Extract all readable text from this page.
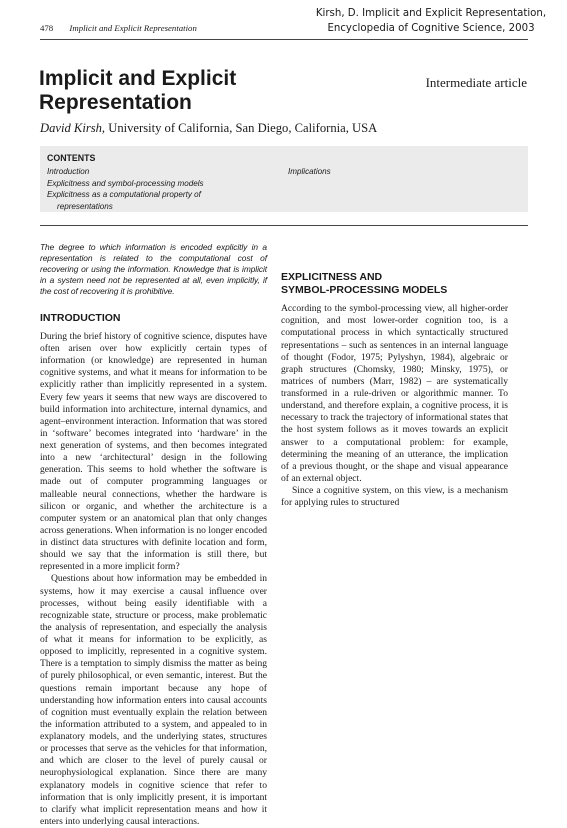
Kirsh, D. Implicit and Explicit Representation,
Encyclopedia of Cognitive Science, 2003
478 Implicit and Explicit Representation
Implicit and Explicit
Representation
Intermediate article
David Kirsh, University of California, San Diego, California, USA
CONTENTS
Introduction
Explicitness and symbol-processing models
Explicitness as a computational property of
representations
Implications

The degree to which information is encoded explicitly in a representation is related to the computational cost of recovering or using the information. Knowledge that is implicit in a system need not be represented at all, even implicitly, if the cost of recovering it is prohibitive.

INTRODUCTION

During the brief history of cognitive science, disputes have often arisen over how explicitly certain types of information (or knowledge) are represented in human cognitive systems, and what it means for information to be explicitly rather than implicitly represented in a system. Every few years it seems that new ways are discovered to build information into architecture, internal dynamics, and agent–environment interaction. Information that was stored in ‘software’ becomes integrated into ‘hardware’ in the next generation of systems, and then becomes integrated into a new ‘architectural’ design in the following generation. This seems to hold whether the software is made out of computer programming languages or malleable neural connections, whether the hardware is silicon or organic, and whether the architecture is a computer system or an anatomical plan that only changes across generations. When information is no longer encoded in distinct data structures with definite location and form, should we say that the information is still there, but represented in a more implicit form?

Questions about how information may be embedded in systems, how it may exercise a causal influence over processes, without being easily identifiable with a recognizable state, structure or process, make problematic the analysis of representation, and especially the analysis of what it means for information to be explicitly, as opposed to implicitly, represented in a cognitive system. There is a temptation to simply dismiss the matter as being of purely philosophical, or even semantic, interest. But the questions remain important because any hope of understanding how information enters into causal accounts of cognition must eventually explain the relation between the information attributed to a system, and appealed to in explanatory models, and the underlying states, structures or processes that serve as the vehicles for that information, and which are closer to the level of purely causal or neurophysiological explanation. Since there are many explanatory models in cognitive science that refer to information that is only implicitly present, it is important to clarify what implicit representation means and how it enters into underlying causal interactions.

EXPLICITNESS AND
SYMBOL-PROCESSING MODELS

According to the symbol-processing view, all higher-order cognition, and most lower-order cognition too, is a computational process in which syntactically structured representations – such as sentences in an internal language of thought (Fodor, 1975; Pylyshyn, 1984), algebraic or graph structures (Chomsky, 1980; Minsky, 1975), or matrices of numbers (Marr, 1982) – are systematically transformed in a rule-driven or algorithmic manner. To understand, and therefore explain, a cognitive process, it is necessary to track the trajectory of informational states that the host system follows as it moves towards an explicit answer to a computational problem: for example, determining the meaning of an utterance, the implication of a previous thought, or the shape and visual appearance of an external object.

Since a cognitive system, on this view, is a mechanism for applying rules to structured
